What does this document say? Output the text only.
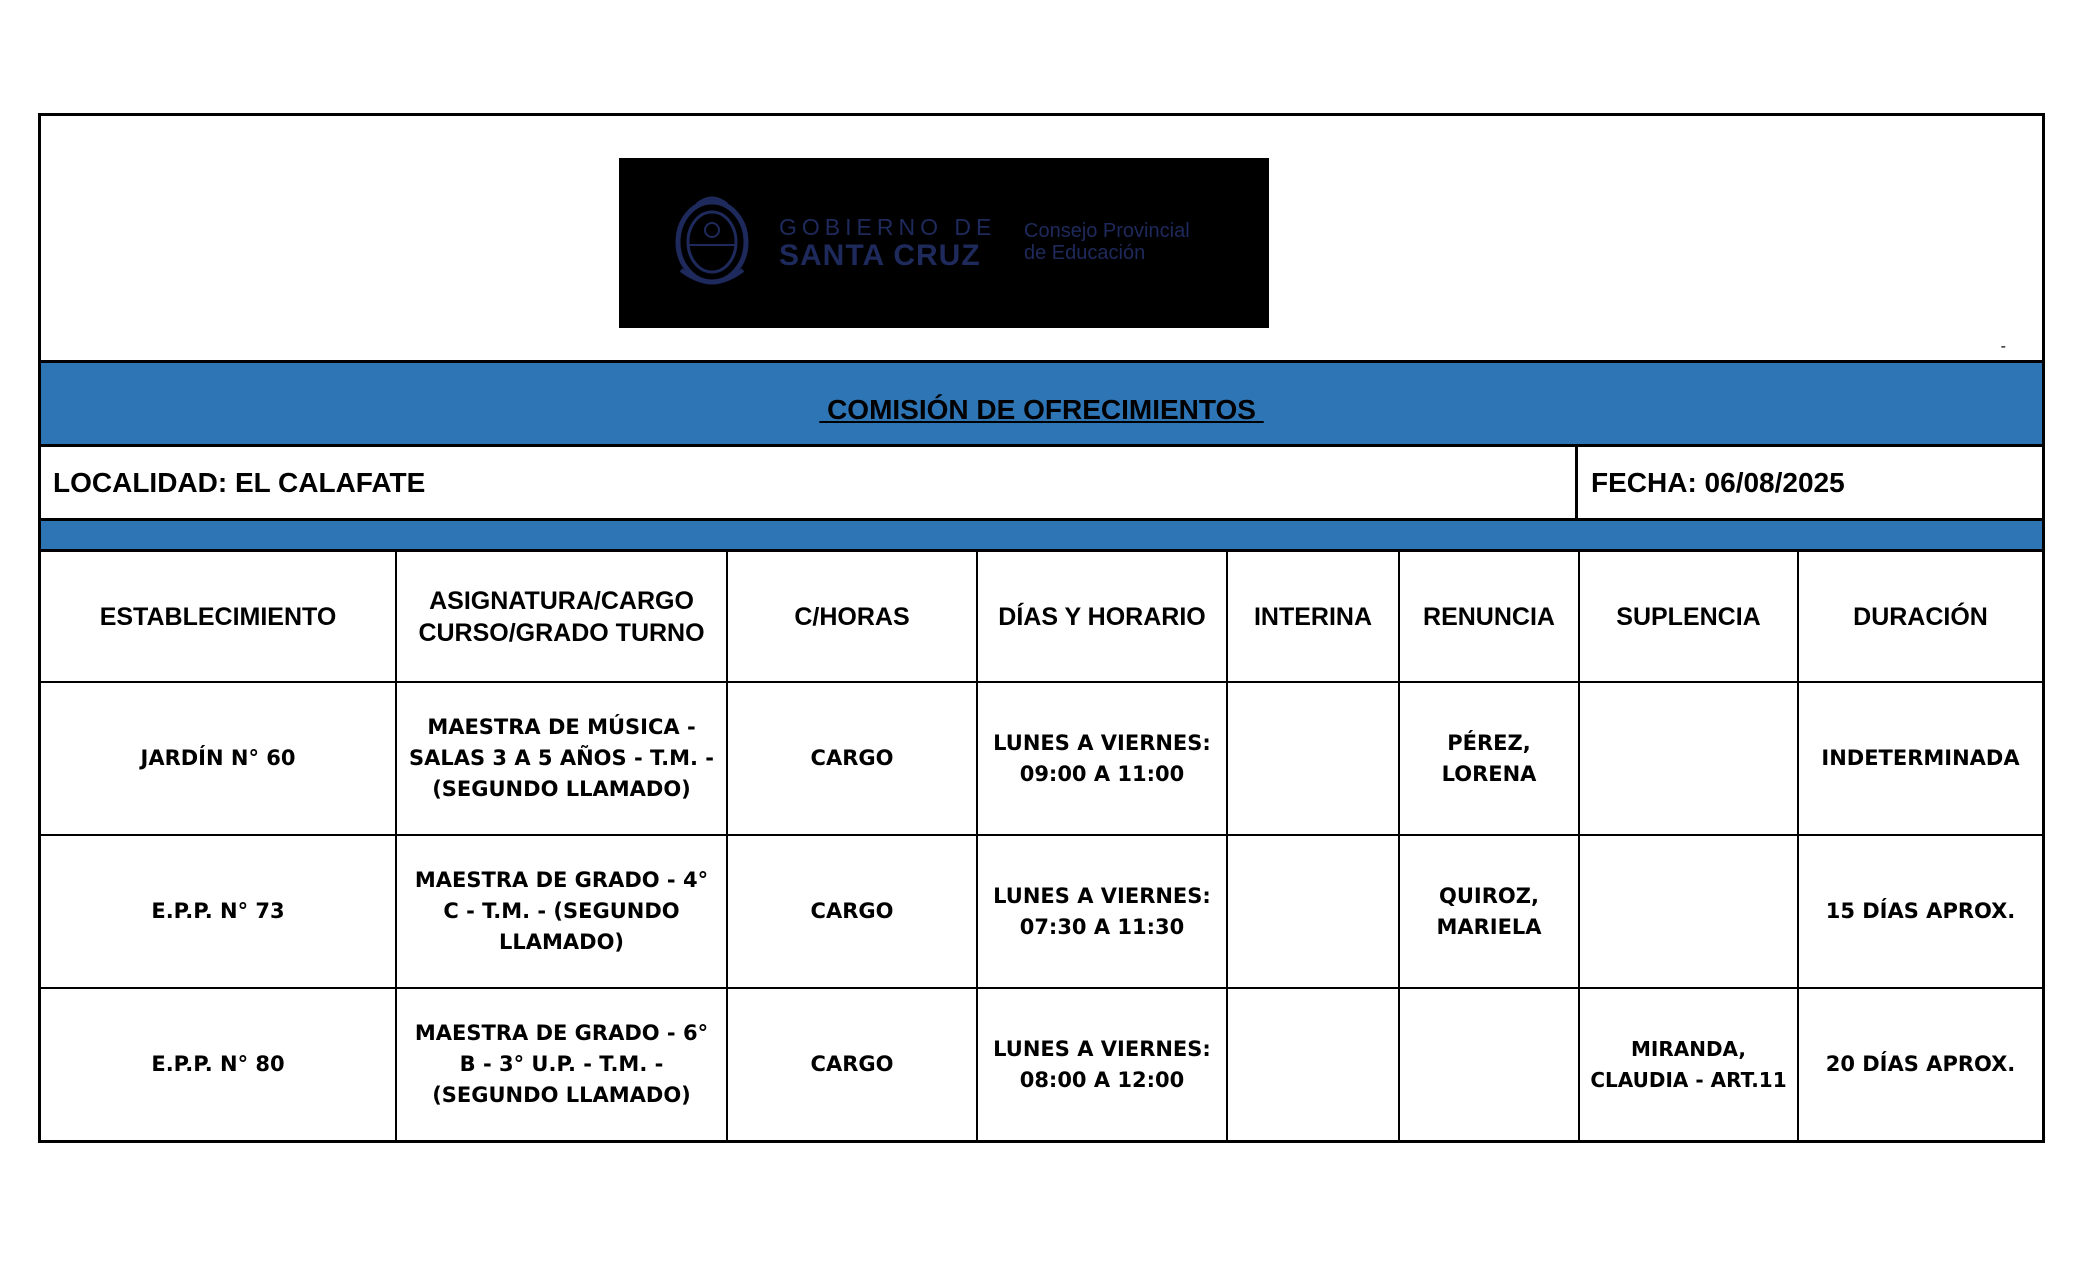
GOBIERNO DE
SANTA CRUZ
Consejo Provincial
de Educación
-
COMISIÓN DE OFRECIMIENTOS
LOCALIDAD: EL CALAFATE	FECHA: 06/08/2025
ESTABLECIMIENTO	ASIGNATURA/CARGO CURSO/GRADO TURNO	C/HORAS	DÍAS Y HORARIO	INTERINA	RENUNCIA	SUPLENCIA	DURACIÓN
JARDÍN N° 60	MAESTRA DE MÚSICA - SALAS 3 A 5 AÑOS - T.M. - (SEGUNDO LLAMADO)	CARGO	LUNES A VIERNES: 09:00 A 11:00		PÉREZ, LORENA		INDETERMINADA
E.P.P. N° 73	MAESTRA DE GRADO - 4° C - T.M. - (SEGUNDO LLAMADO)	CARGO	LUNES A VIERNES: 07:30 A 11:30		QUIROZ, MARIELA		15 DÍAS APROX.
E.P.P. N° 80	MAESTRA DE GRADO - 6° B - 3° U.P. - T.M. - (SEGUNDO LLAMADO)	CARGO	LUNES A VIERNES: 08:00 A 12:00			MIRANDA, CLAUDIA - ART.11	20 DÍAS APROX.
